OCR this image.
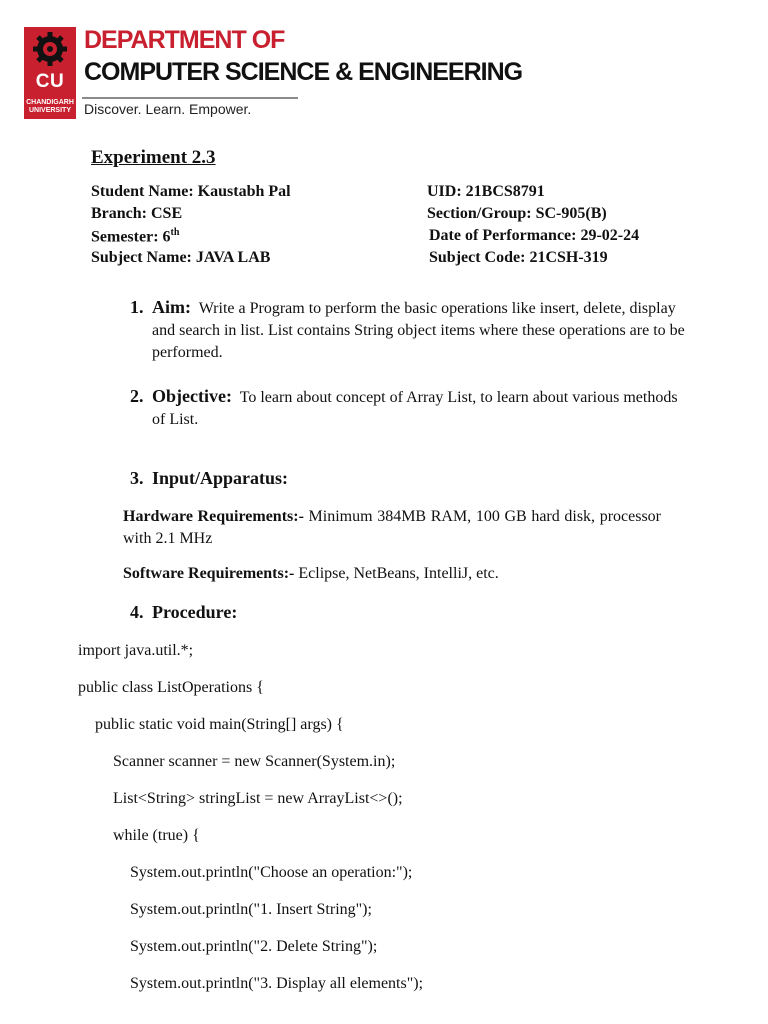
CU
CHANDIGARH UNIVERSITY
DEPARTMENT OF
COMPUTER SCIENCE & ENGINEERING
Discover. Learn. Empower.
Experiment 2.3
Student Name: Kaustabh Pal	UID: 21BCS8791
Branch: CSE	Section/Group: SC-905(B)
Semester: 6th	Date of Performance: 29-02-24
Subject Name: JAVA LAB	Subject Code: 21CSH-319
1. Aim: Write a Program to perform the basic operations like insert, delete, display and search in list. List contains String object items where these operations are to be performed.
2. Objective: To learn about concept of Array List, to learn about various methods of List.
3. Input/Apparatus:
Hardware Requirements:- Minimum 384MB RAM, 100 GB hard disk, processor with 2.1 MHz
Software Requirements:- Eclipse, NetBeans, IntelliJ, etc.
4. Procedure:
import java.util.*;
public class ListOperations {
public static void main(String[] args) {
Scanner scanner = new Scanner(System.in);
List<String> stringList = new ArrayList<>();
while (true) {
System.out.println("Choose an operation:");
System.out.println("1. Insert String");
System.out.println("2. Delete String");
System.out.println("3. Display all elements");
